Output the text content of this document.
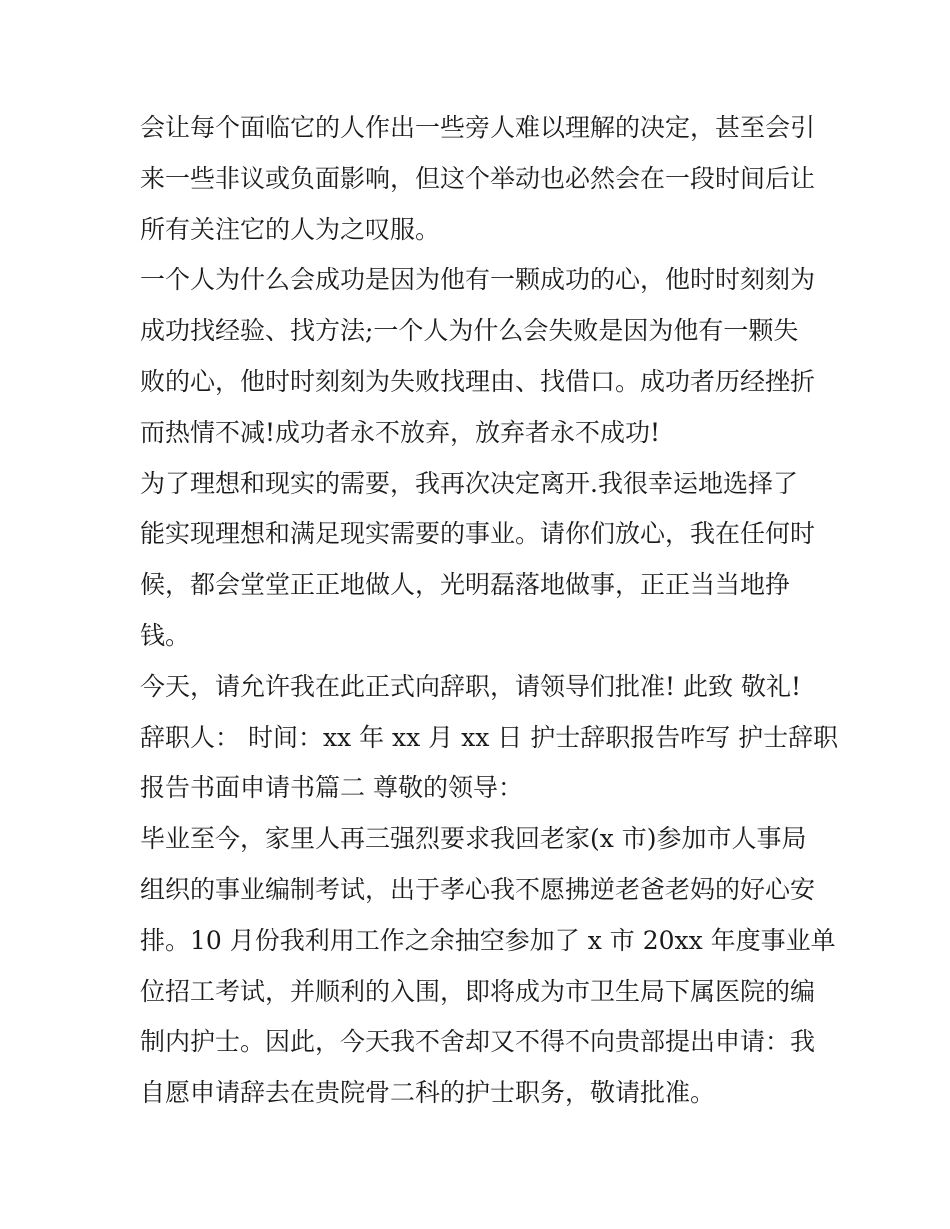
会让每个面临它的人作出一些旁人难以理解的决定，甚至会引
来一些非议或负面影响，但这个举动也必然会在一段时间后让
所有关注它的人为之叹服。
一个人为什么会成功是因为他有一颗成功的心，他时时刻刻为
成功找经验、找方法;一个人为什么会失败是因为他有一颗失
败的心，他时时刻刻为失败找理由、找借口。成功者历经挫折
而热情不减!成功者永不放弃，放弃者永不成功!
为了理想和现实的需要，我再次决定离开.我很幸运地选择了
能实现理想和满足现实需要的事业。请你们放心，我在任何时
候，都会堂堂正正地做人，光明磊落地做事，正正当当地挣
钱。
今天，请允许我在此正式向辞职，请领导们批准! 此致 敬礼!
辞职人： 时间：xx 年 xx 月 xx 日 护士辞职报告咋写 护士辞职
报告书面申请书篇二 尊敬的领导：
毕业至今，家里人再三强烈要求我回老家(x 市)参加市人事局
组织的事业编制考试，出于孝心我不愿拂逆老爸老妈的好心安
排。10 月份我利用工作之余抽空参加了 x 市 20xx 年度事业单
位招工考试，并顺利的入围，即将成为市卫生局下属医院的编
制内护士。因此，今天我不舍却又不得不向贵部提出申请：我
自愿申请辞去在贵院骨二科的护士职务，敬请批准。
